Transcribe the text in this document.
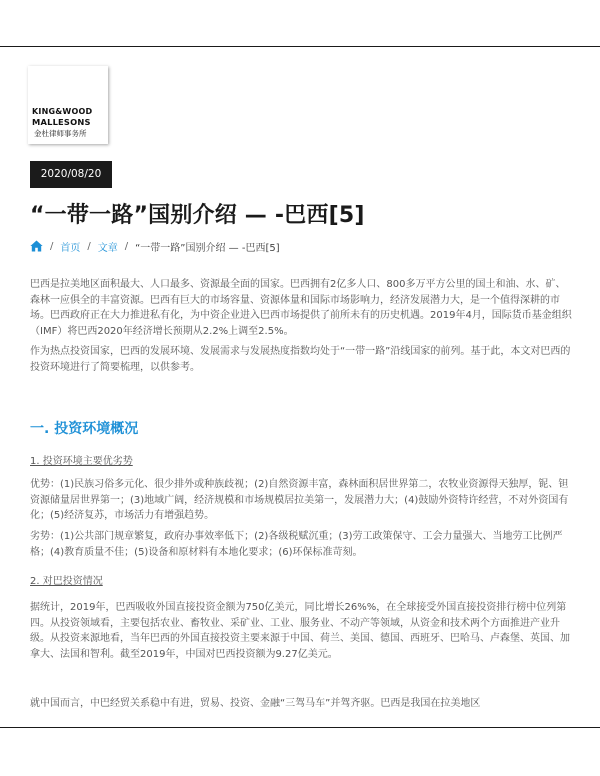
KING&WOOD
MALLESONS
金杜律师事务所
2020/08/20
“一带一路”国别介绍 — -巴西[5]
/ 首页 / 文章 / “一带一路”国别介绍 — -巴西[5]
巴西是拉美地区面积最大、人口最多、资源最全面的国家。巴西拥有2亿多人口、800多万平方公里的国土和油、水、矿、森林一应俱全的丰富资源。巴西有巨大的市场容量、资源体量和国际市场影响力，经济发展潜力大，是一个值得深耕的市场。巴西政府正在大力推进私有化，为中资企业进入巴西市场提供了前所未有的历史机遇。2019年4月，国际货币基金组织（IMF）将巴西2020年经济增长预期从2.2%上调至2.5%。
作为热点投资国家，巴西的发展环境、发展需求与发展热度指数均处于“一带一路”沿线国家的前列。基于此，本文对巴西的投资环境进行了简要梳理，以供参考。
一. 投资环境概况
1. 投资环境主要优劣势
优势：(1)民族习俗多元化、很少排外或种族歧视；(2)自然资源丰富，森林面积居世界第二，农牧业资源得天独厚，铌、钽资源储量居世界第一；(3)地域广阔，经济规模和市场规模居拉美第一，发展潜力大；(4)鼓励外资特许经营，不对外资国有化；(5)经济复苏，市场活力有增强趋势。
劣势：(1)公共部门规章繁复，政府办事效率低下；(2)各级税赋沉重；(3)劳工政策保守、工会力量强大、当地劳工比例严格；(4)教育质量不佳；(5)设备和原材料有本地化要求；(6)环保标准苛刻。
2. 对巴投资情况
据统计，2019年，巴西吸收外国直接投资金额为750亿美元，同比增长26%%，在全球接受外国直接投资排行榜中位列第四。从投资领域看，主要包括农业、畜牧业、采矿业、工业、服务业、不动产等领域，从资金和技术两个方面推进产业升级。从投资来源地看，当年巴西的外国直接投资主要来源于中国、荷兰、美国、德国、西班牙、巴哈马、卢森堡、英国、加拿大、法国和智利。截至2019年，中国对巴西投资额为9.27亿美元。
就中国而言，中巴经贸关系稳中有进，贸易、投资、金融“三驾马车”并驾齐驱。巴西是我国在拉美地区
